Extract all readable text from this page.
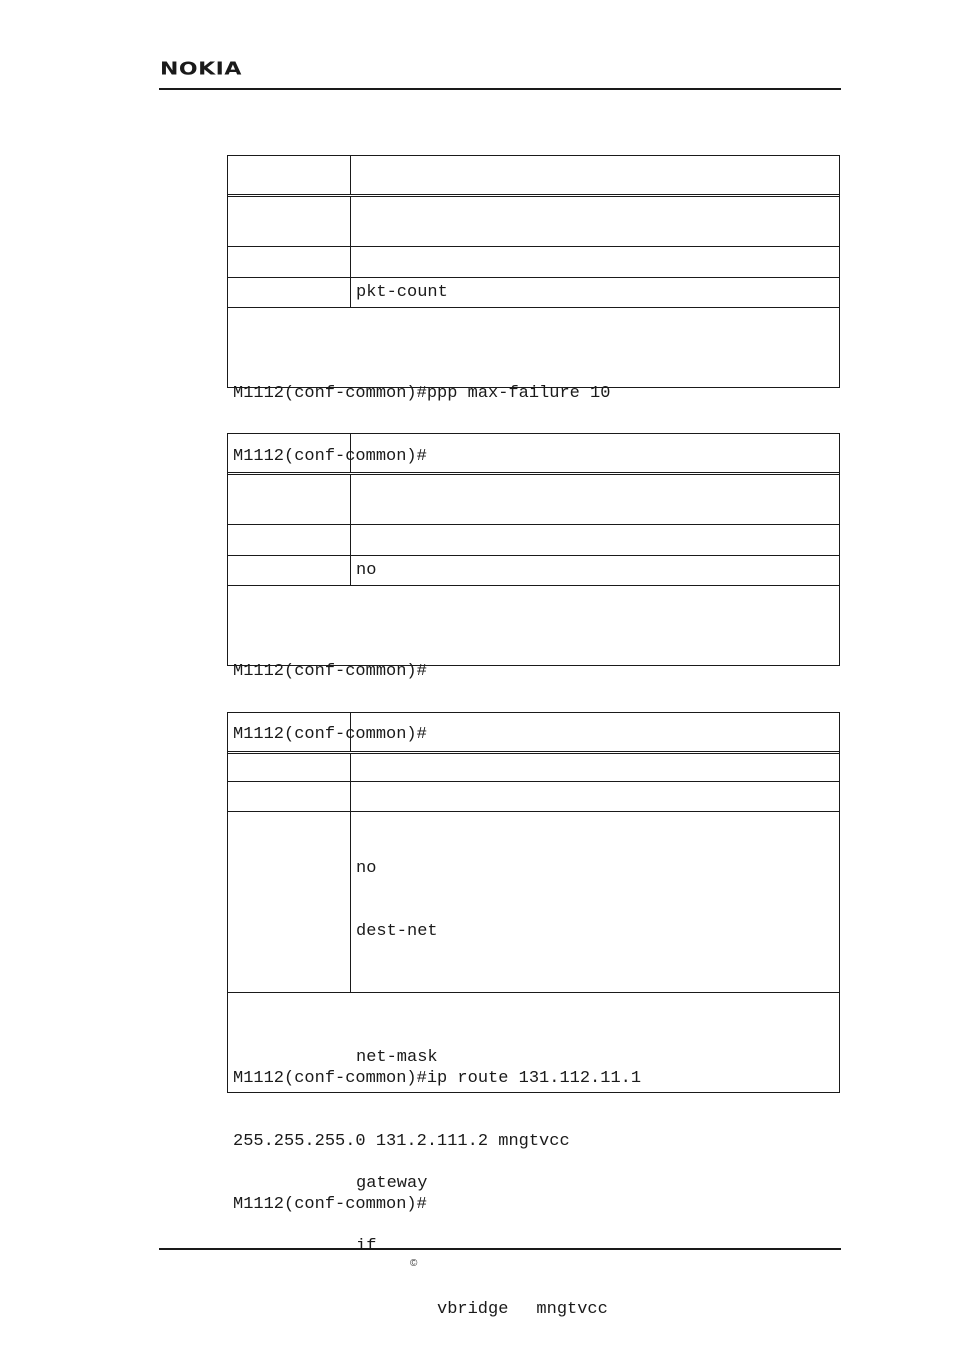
NOKIA
pkt-count

M1112(conf-common)#ppp max-failure 10

M1112(conf-common)#

no

M1112(conf-common)#

M1112(conf-common)#

no

dest-net

net-mask

gateway

if

vbridge mngtvcc

M1112(conf-common)#ip route 131.112.11.1

255.255.255.0 131.2.111.2 mngtvcc

M1112(conf-common)#

©
